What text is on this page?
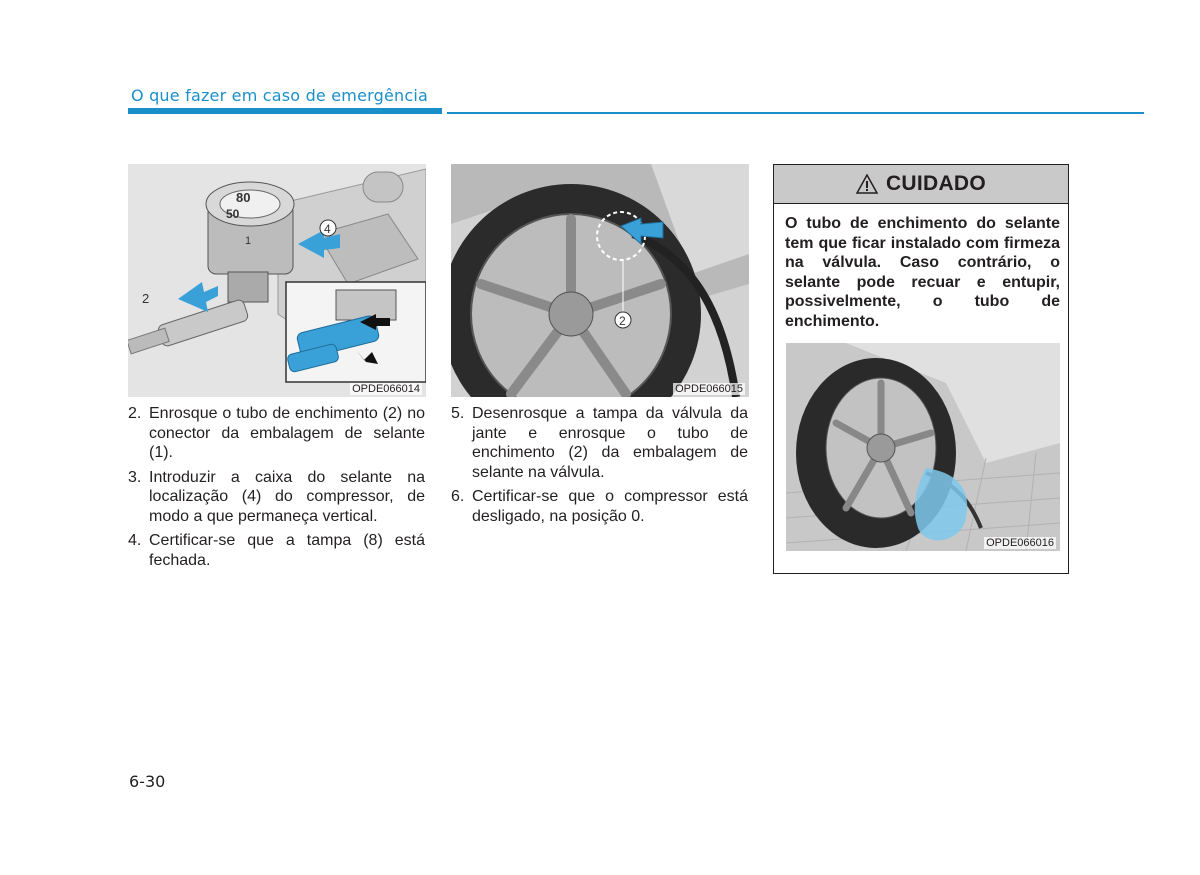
O que fazer em caso de emergência
80
50
2
4
1
OPDE066014
2
OPDE066015
2. Enrosque o tubo de enchimento (2) no conector da embalagem de selante (1).
3. Introduzir a caixa do selante na localização (4) do compressor, de modo a que permaneça vertical.
4. Certificar-se que a tampa (8) está fechada.
5. Desenrosque a tampa da válvula da jante e enrosque o tubo de enchimento (2) da embalagem de selante na válvula.
6. Certificar-se que o compressor está desligado, na posição 0.
CUIDADO
O tubo de enchimento do selante tem que ficar instalado com firmeza na válvula. Caso contrário, o selante pode recuar e entupir, possivelmente, o tubo de enchimento.
OPDE066016
6-30
